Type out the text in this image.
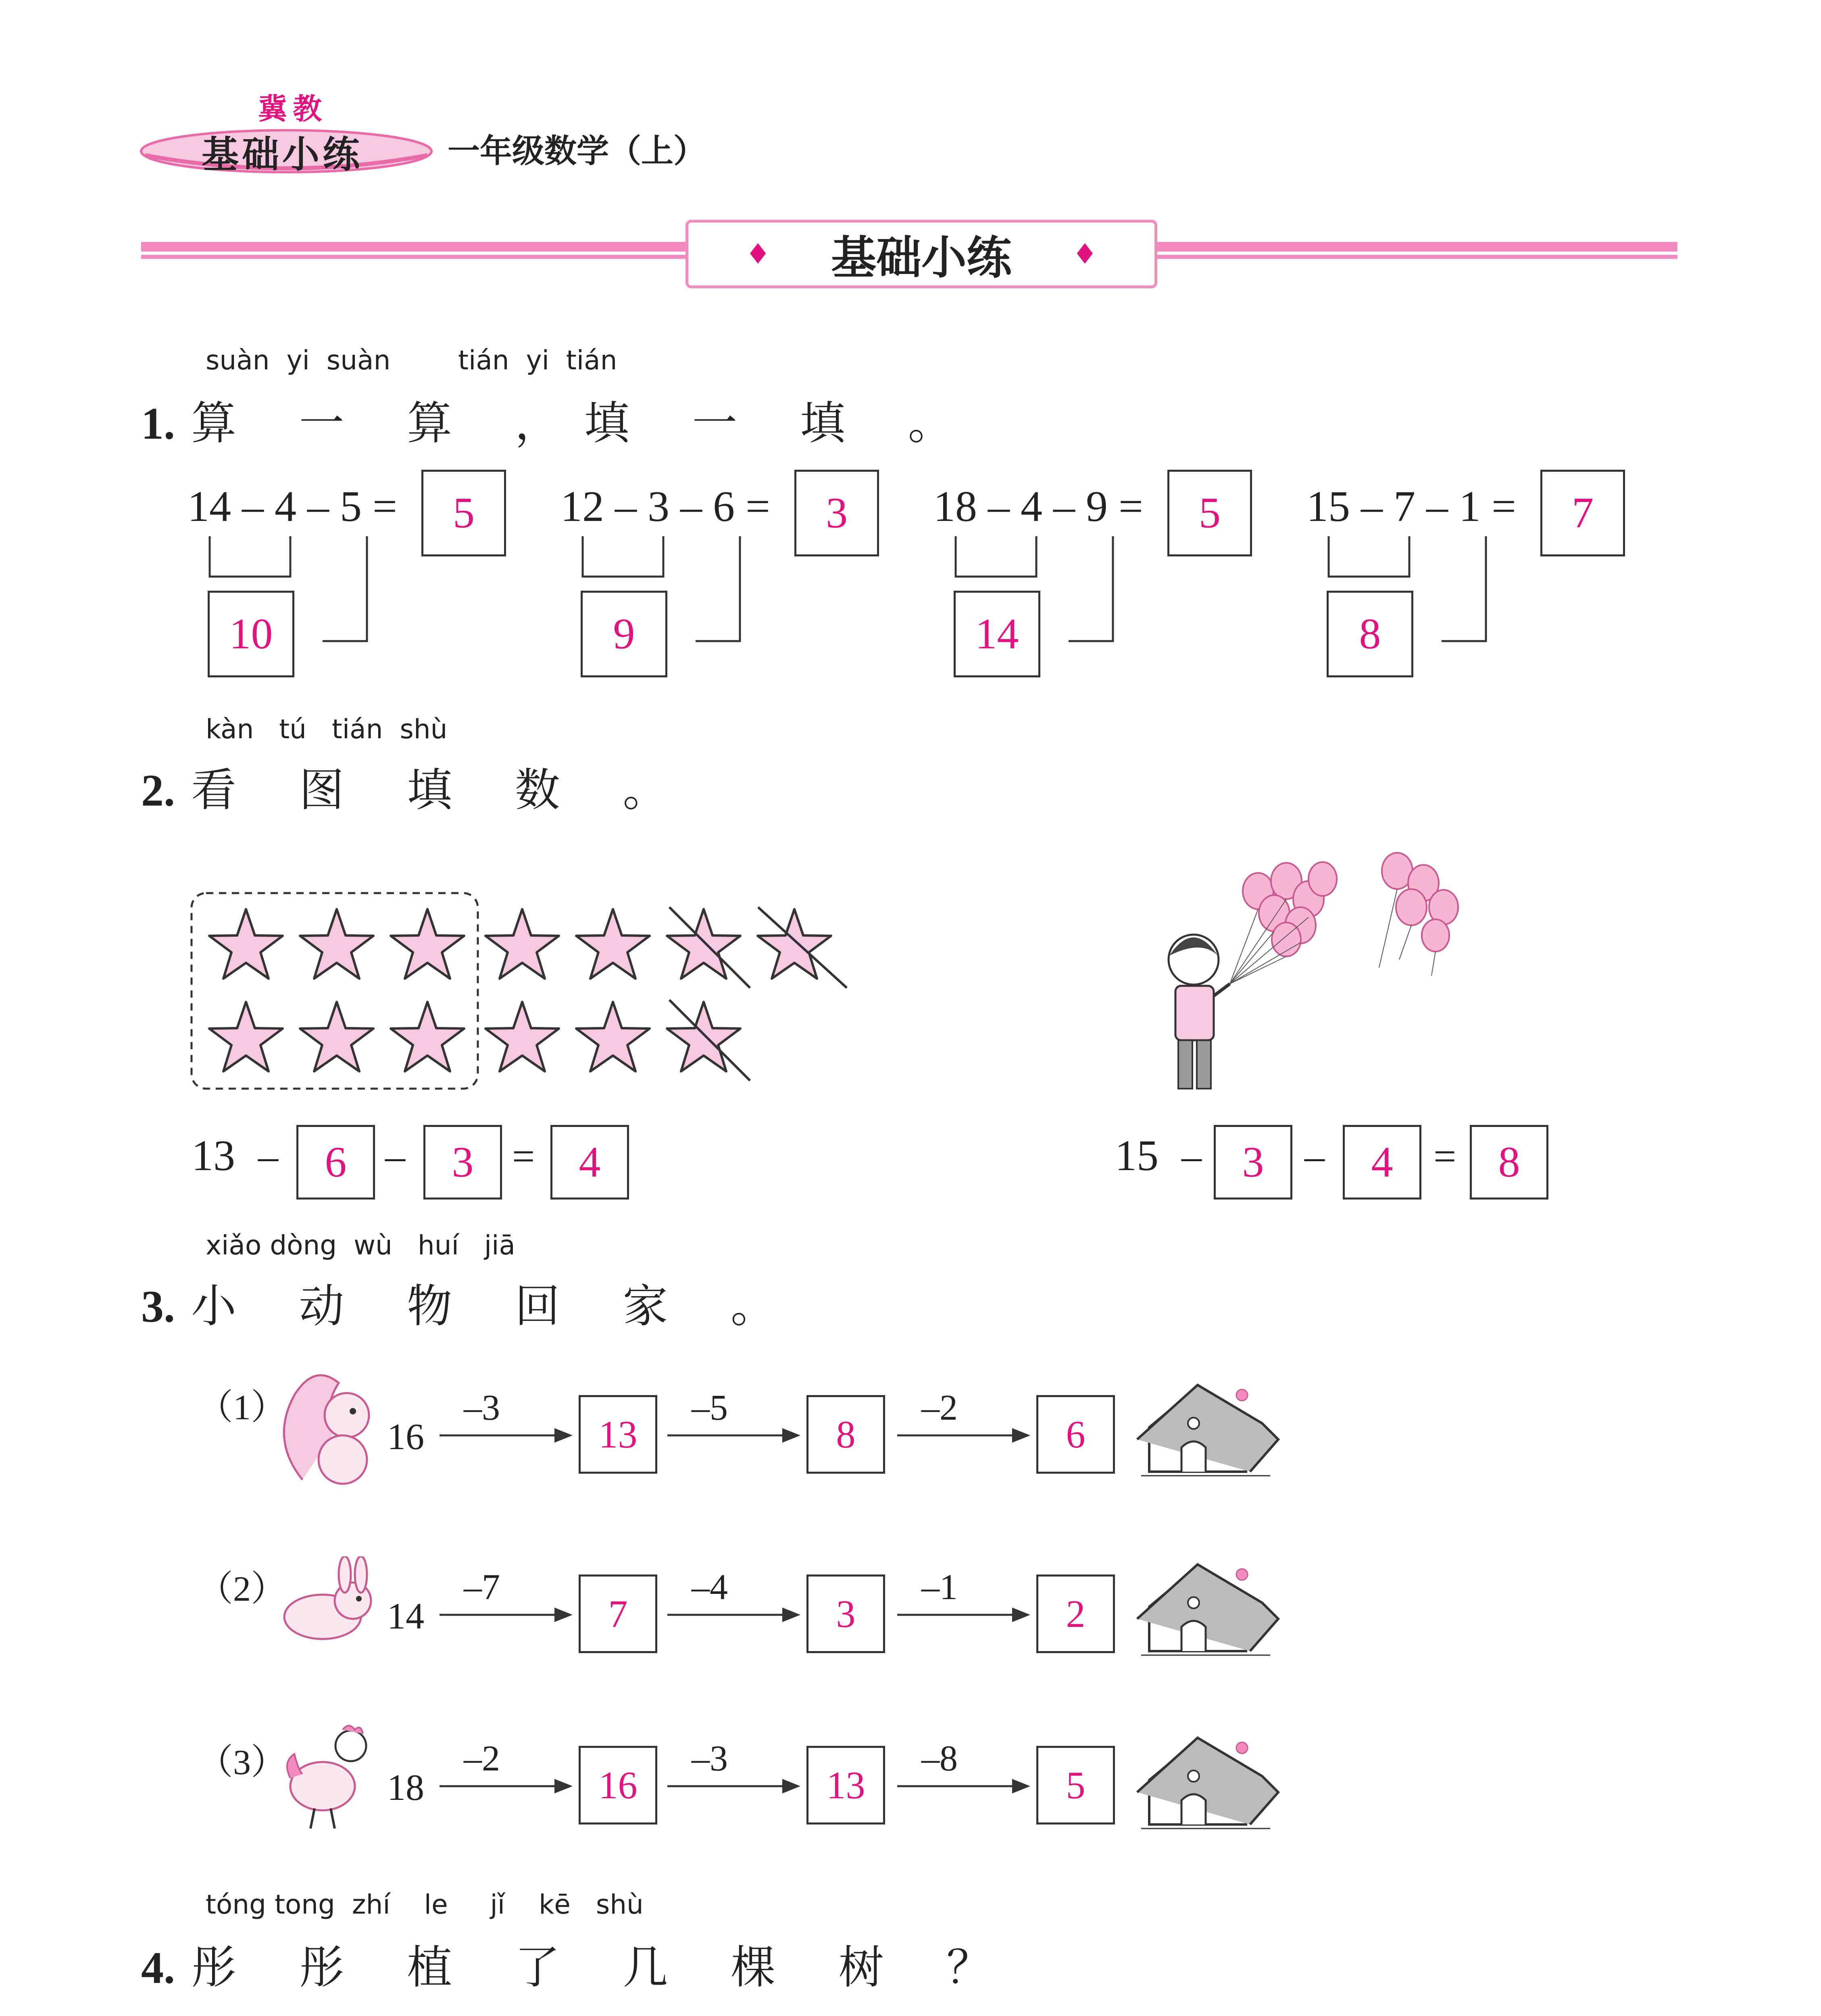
冀教
基础小练	一年级数学（上）
♦ 基础小练 ♦
suàn  yi  suàn        tián  yi  tián
1.算 一 算 ，填 一 填 。
14 – 4 – 5 =	5
10
12 – 3 – 6 =	3
9
18 – 4 – 9 =	5
14
15 – 7 – 1 =	7
8
kàn   tú   tián  shù
2.看 图 填 数 。
13 –	6 –	3 =	4	15 – 3	–	4	= 8
xiǎo dòng  wù   huí   jiā
3.小 动 物 回 家 。
（1）
16
–3
13
–5
8
–2
6
（2）
14
–7
7
–4
3
–1
2
（3）
18
–2
16
–3
13
–8
5
tóng tong  zhí    le     jǐ    kē   shù
4.彤 彤 植 了 几 棵 树 ？
